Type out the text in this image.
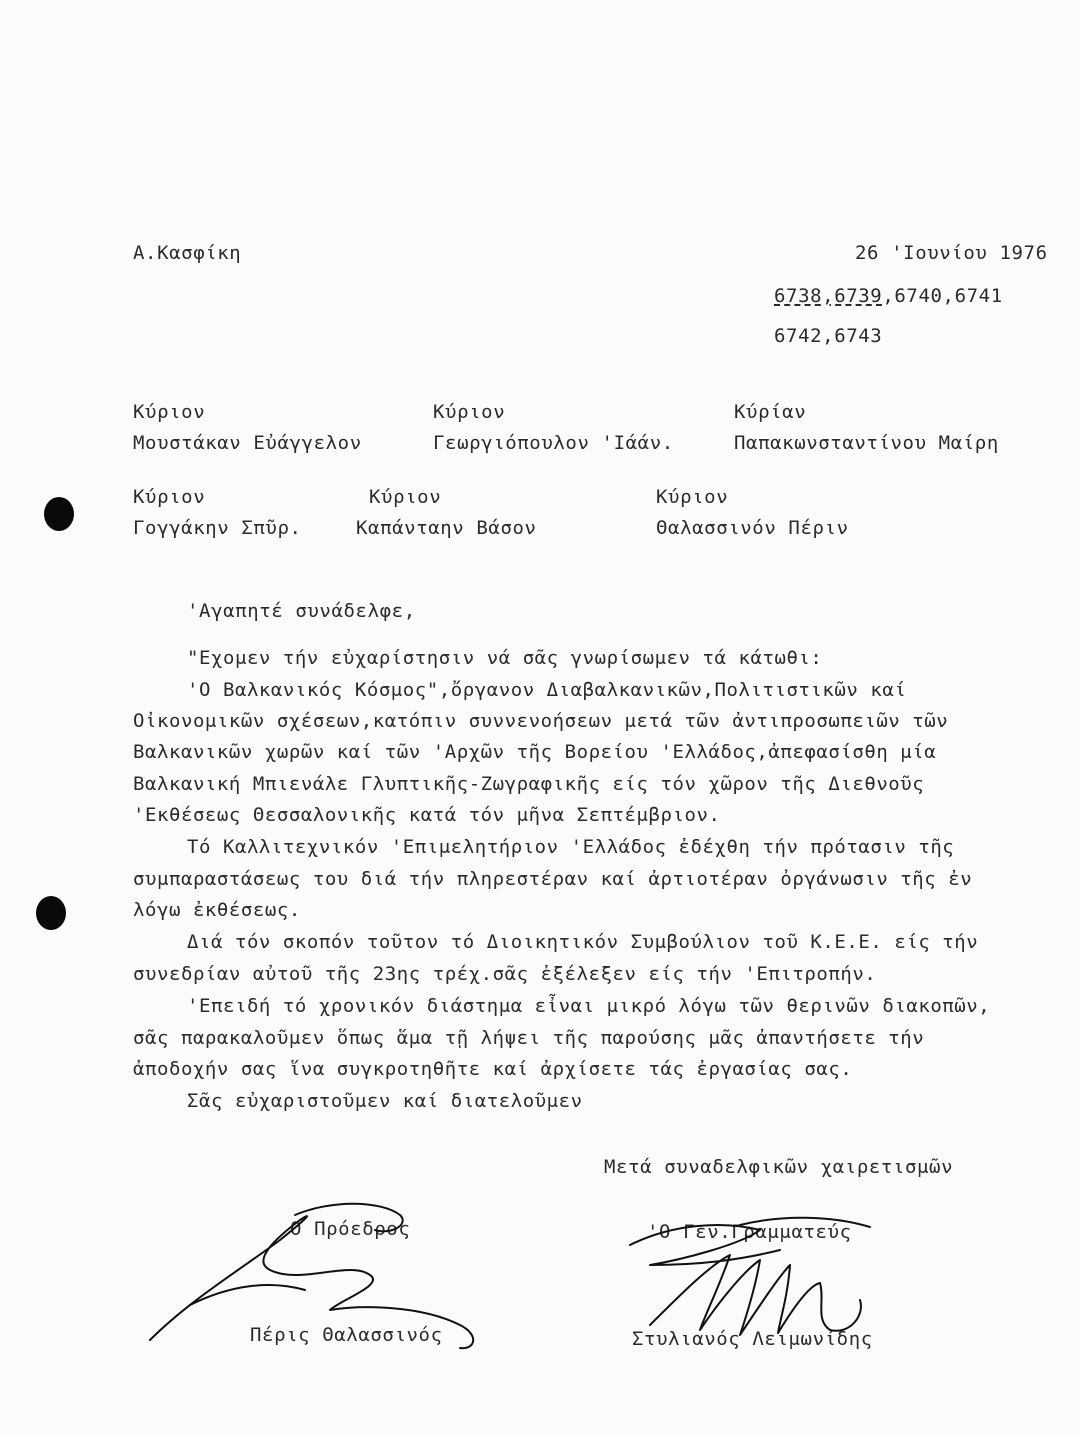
Α.Κασφίκη	26 'Ιουνίου 1976
6738,6739,6740,6741
6742,6743
Κύριον
Μουστάκαν Εὐάγγελον
Κύριον
Γεωργιόπουλον 'Ιάάν.
Κύρίαν
Παπακωνσταντίνου Μαίρη
Κύριον
Γογγάκην Σπῦρ.
Κύριον
Καπάνταην Βάσον
Κύριον
Θαλασσινόν Πέριν
'Αγαπητέ συνάδελφε,
"Εχομεν τήν εὐχαρίστησιν νά σᾶς γνωρίσωμεν τά κάτωθι:
'Ο Βαλκανικός Κόσμος",ὄργανον Διαβαλκανικῶν,Πολιτιστικῶν καί
Οἰκονομικῶν σχέσεων,κατόπιν συννενοήσεων μετά τῶν ἀντιπροσωπειῶν τῶν
Βαλκανικῶν χωρῶν καί τῶν 'Αρχῶν τῆς Βορείου 'Ελλάδος,ἀπεφασίσθη μία
Βαλκανική Μπιενάλε Γλυπτικῆς-Ζωγραφικῆς είς τόν χῶρον τῆς Διεθνοῦς
'Εκθέσεως Θεσσαλονικῆς κατά τόν μῆνα Σεπτέμβριον.
Τό Καλλιτεχνικόν 'Επιμελητήριον 'Ελλάδος ἐδέχθη τήν πρότασιν τῆς
συμπαραστάσεως του διά τήν πληρεστέραν καί ἀρτιοτέραν ὀργάνωσιν τῆς ἐν
λόγω ἐκθέσεως.
Διά τόν σκοπόν τοῦτον τό Διοικητικόν Συμβούλιον τοῦ Κ.Ε.Ε. είς τήν
συνεδρίαν αὐτοῦ τῆς 23ης τρέχ.σᾶς ἐξέλεξεν είς τήν 'Επιτροπήν.
'Επειδή τό χρονικόν διάστημα εἶναι μικρό λόγω τῶν θερινῶν διακοπῶν,
σᾶς παρακαλοῦμεν ὅπως ἅμα τῇ λήψει τῆς παρούσης μᾶς ἀπαντήσετε τήν
ἀποδοχήν σας ἵνα συγκροτηθῆτε καί ἀρχίσετε τάς ἐργασίας σας.
Σᾶς εὐχαριστοῦμεν καί διατελοῦμεν
Μετά συναδελφικῶν χαιρετισμῶν
Ο Πρόεδρος
Πέρις Θαλασσινός
'Ο Γεν.Γραμματεύς
Στυλιανός Λειμωνίδης
